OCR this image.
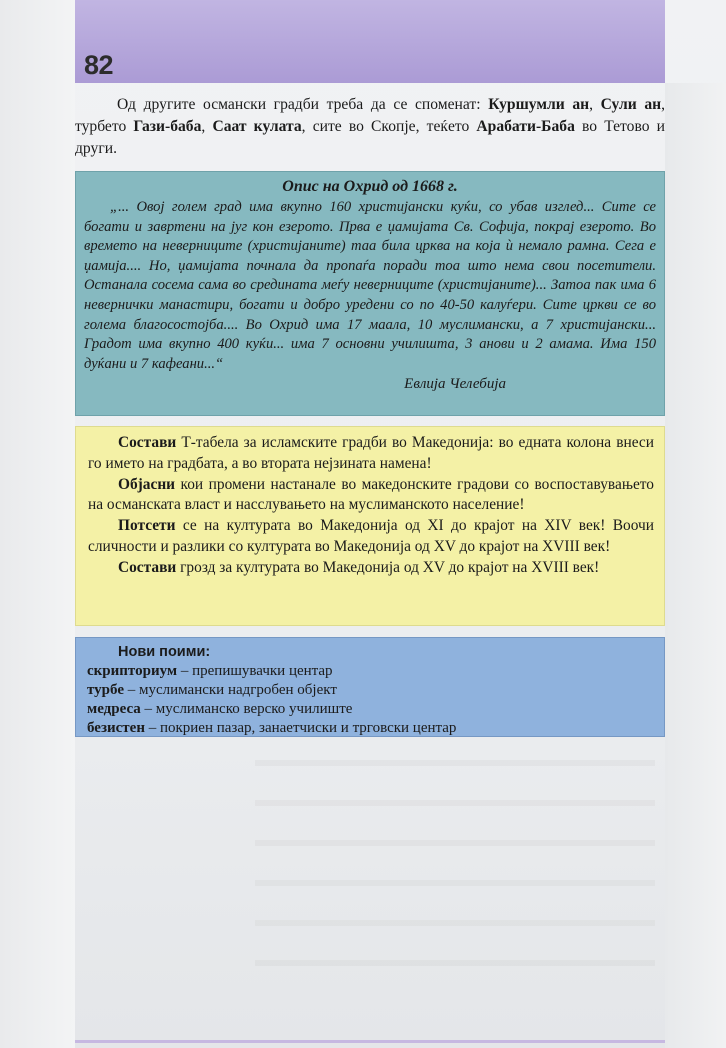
82
Од другите османски градби треба да се споменат: Куршумли ан, Сули ан, турбето Гази-баба, Саат кулата, сите во Скопје, теќето Арабати-Баба во Тетово и други.
Опис на Охрид од 1668 г.
„... Овој голем град има вкупно 160 христијански куќи, со убав изглед... Сите се богати и завртени на југ кон езерото. Прва е џамијата Св. Софија, покрај езерото. Во времето на неверниците (христијаните) таа била црква на која ѝ немало рамна. Сега е џамија.... Но, џамијата почнала да пропаѓа поради тоа што нема свои посетители. Останала сосема сама во средината меѓу неверниците (христијаните)... Затоа пак има 6 невернички манастири, богати и добро уредени со по 40-50 калуѓери. Сите цркви се во голема благосостојба.... Во Охрид има 17 маала, 10 муслимански, а 7 христијански... Градот има вкупно 400 куќи... има 7 основни училишта, 3 анови и 2 амама. Има 150 дуќани и 7 кафеани...“
Евлија Челебија

Состави Т-табела за исламските градби во Македонија: во едната колона внеси го името на градбата, а во втората нејзината намена!

Објасни кои промени настанале во македонските градови со воспоставувањето на османската власт и насслувањето на муслиманското население!

Потсети се на културата во Македонија од XI до крајот на XIV век! Воочи сличности и разлики со културата во Македонија од XV до крајот на XVIII век!

Состави грозд за културата во Македонија од XV до крајот на XVIII век!

Нови поими:
скрипториум – препишувачки центар
турбе – муслимански надгробен објект
медреса – муслиманско верско училиште
безистен – покриен пазар, занаетчиски и трговски центар
